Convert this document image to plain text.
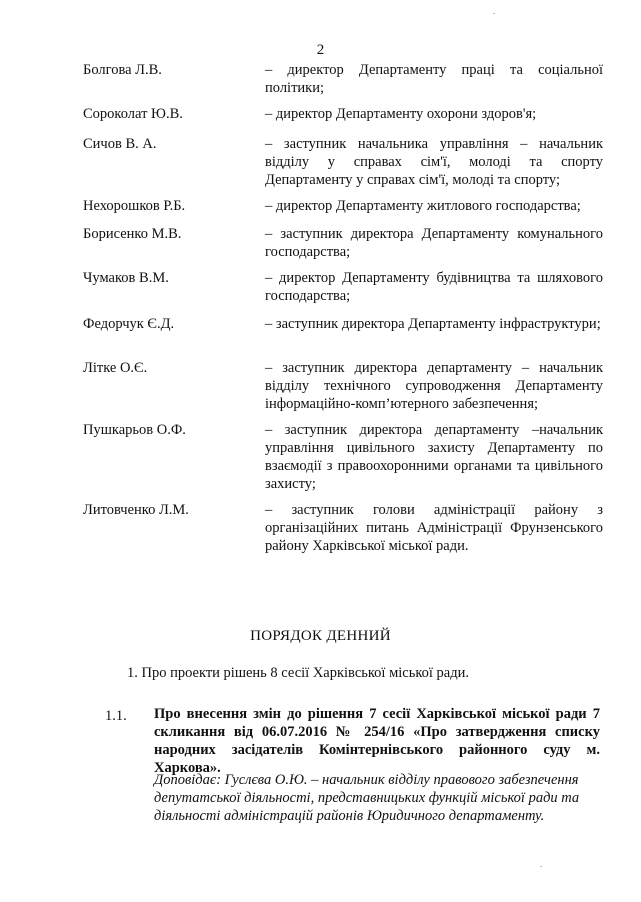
2
Болгова Л.В.	– директор Департаменту праці та соціальної політики;
Сороколат Ю.В.	– директор Департаменту охорони здоров'я;
Сичов В. А.	– заступник начальника управління – начальник відділу у справах сім'ї, молоді та спорту Департаменту у справах сім'ї, молоді та спорту;
Нехорошков Р.Б.	– директор Департаменту житлового господарства;
Борисенко М.В.	– заступник директора Департаменту комунального господарства;
Чумаков В.М.	– директор Департаменту будівництва та шляхового господарства;
Федорчук Є.Д.	– заступник директора Департаменту інфраструктури;
Літке О.Є.	– заступник директора департаменту – начальник відділу технічного супроводження Департаменту інформаційно-комп’ютерного забезпечення;
Пушкарьов О.Ф.	– заступник директора департаменту –начальник управління цивільного захисту Департаменту по взаємодії з правоохоронними органами та цивільного захисту;
Литовченко Л.М.	– заступник голови адміністрації району з організаційних питань Адміністрації Фрунзенського району Харківської міської ради.
ПОРЯДОК ДЕННИЙ
1. Про проекти рішень 8 сесії Харківської міської ради.
1.1. Про внесення змін до рішення 7 сесії Харківської міської ради 7 скликання від 06.07.2016 № 254/16 «Про затвердження списку народних засідателів Комінтернівського районного суду м. Харкова».
Доповідає: Гуслєва О.Ю. – начальник відділу правового забезпечення депутатської діяльності, представницьких функцій міської ради та діяльності адміністрацій районів Юридичного департаменту.
